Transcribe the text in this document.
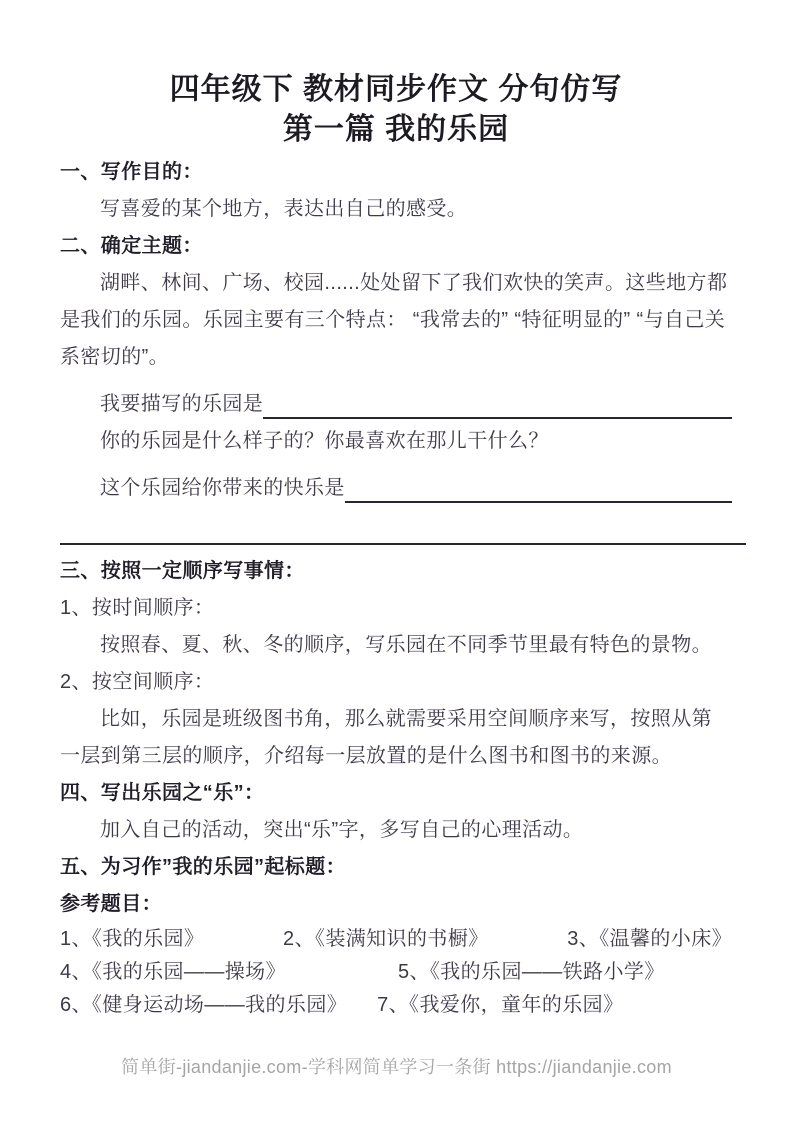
四年级下 教材同步作文 分句仿写
第一篇 我的乐园
一、写作目的：
写喜爱的某个地方，表达出自己的感受。
二、确定主题：
湖畔、林间、广场、校园......处处留下了我们欢快的笑声。这些地方都是我们的乐园。乐园主要有三个特点： “我常去的” “特征明显的” “与自己关系密切的”。
我要描写的乐园是
你的乐园是什么样子的？你最喜欢在那儿干什么？
这个乐园给你带来的快乐是
三、按照一定顺序写事情：
1、按时间顺序：
按照春、夏、秋、冬的顺序，写乐园在不同季节里最有特色的景物。
2、按空间顺序：
比如，乐园是班级图书角，那么就需要采用空间顺序来写，按照从第一层到第三层的顺序，介绍每一层放置的是什么图书和图书的来源。
四、写出乐园之“乐”：
加入自己的活动，突出“乐”字，多写自己的心理活动。
五、为习作”我的乐园”起标题：
参考题目：
1、《我的乐园》	2、《装满知识的书橱》	3、《温馨的小床》
4、《我的乐园——操场》	5、《我的乐园——铁路小学》
6、《健身运动场——我的乐园》 7、《我爱你，童年的乐园》
简单街-jiandanjie.com-学科网简单学习一条街 https://jiandanjie.com
